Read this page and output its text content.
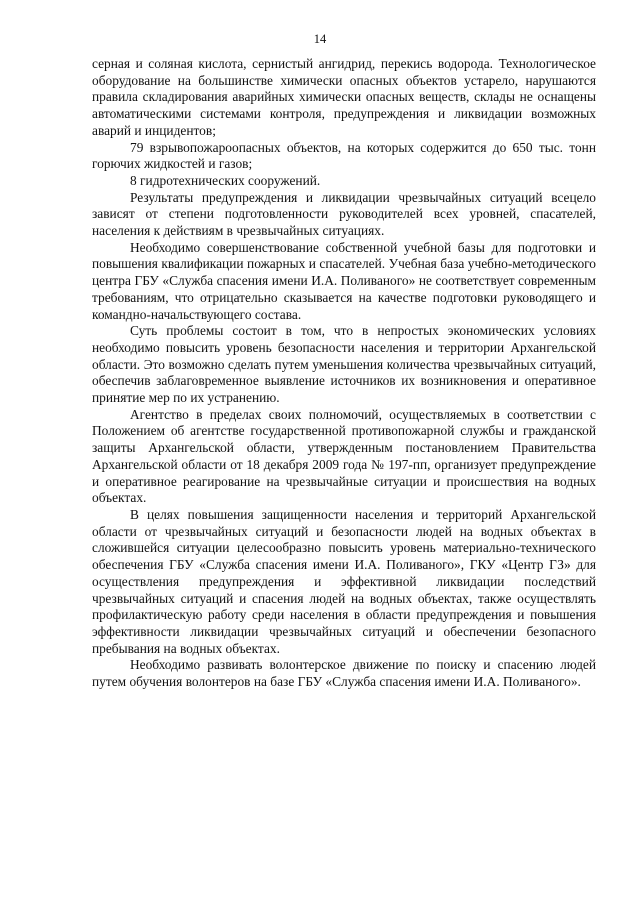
14

серная и соляная кислота, сернистый ангидрид, перекись водорода. Технологическое оборудование на большинстве химически опасных объектов устарело, нарушаются правила складирования аварийных химически опасных веществ, склады не оснащены автоматическими системами контроля, предупреждения и ликвидации возможных аварий и инцидентов;

79 взрывопожароопасных объектов, на которых содержится до 650 тыс. тонн горючих жидкостей и газов;

8 гидротехнических сооружений.

Результаты предупреждения и ликвидации чрезвычайных ситуаций всецело зависят от степени подготовленности руководителей всех уровней, спасателей, населения к действиям в чрезвычайных ситуациях.

Необходимо совершенствование собственной учебной базы для подготовки и повышения квалификации пожарных и спасателей. Учебная база учебно-методического центра ГБУ «Служба спасения имени И.А. Поливаного» не соответствует современным требованиям, что отрицательно сказывается на качестве подготовки руководящего и командно-начальствующего состава.

Суть проблемы состоит в том, что в непростых экономических условиях необходимо повысить уровень безопасности населения и территории Архангельской области. Это возможно сделать путем уменьшения количества чрезвычайных ситуаций, обеспечив заблаговременное выявление источников их возникновения и оперативное принятие мер по их устранению.

Агентство в пределах своих полномочий, осуществляемых в соответствии с Положением об агентстве государственной противопожарной службы и гражданской защиты Архангельской области, утвержденным постановлением Правительства Архангельской области от 18 декабря 2009 года № 197-пп, организует предупреждение и оперативное реагирование на чрезвычайные ситуации и происшествия на водных объектах.

В целях повышения защищенности населения и территорий Архангельской области от чрезвычайных ситуаций и безопасности людей на водных объектах в сложившейся ситуации целесообразно повысить уровень материально-технического обеспечения ГБУ «Служба спасения имени И.А. Поливаного», ГКУ «Центр ГЗ» для осуществления предупреждения и эффективной ликвидации последствий чрезвычайных ситуаций и спасения людей на водных объектах, также осуществлять профилактическую работу среди населения в области предупреждения и повышения эффективности ликвидации чрезвычайных ситуаций и обеспечении безопасного пребывания на водных объектах.

Необходимо развивать волонтерское движение по поиску и спасению людей путем обучения волонтеров на базе ГБУ «Служба спасения имени И.А. Поливаного».
